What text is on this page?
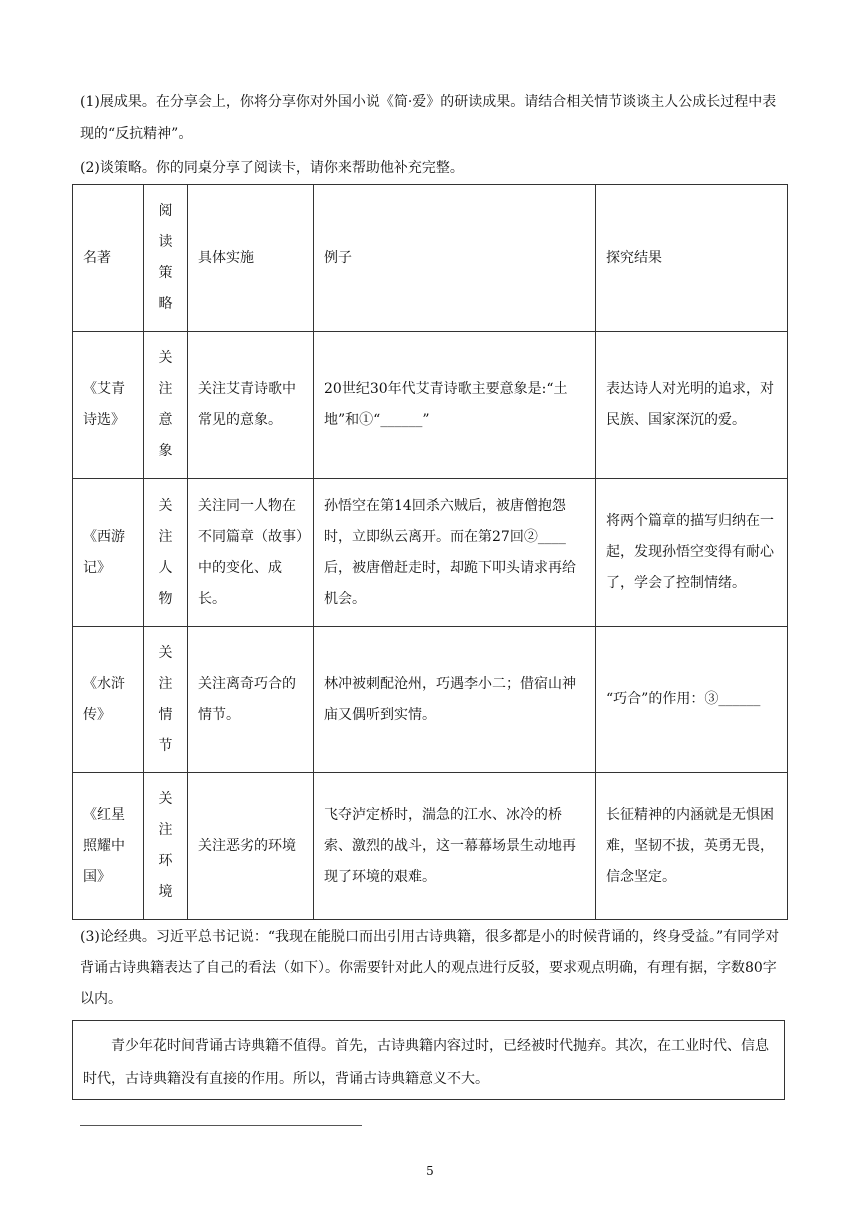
(1)展成果。在分享会上，你将分享你对外国小说《简·爱》的研读成果。请结合相关情节谈谈主人公成长过程中表现的“反抗精神”。
(2)谈策略。你的同桌分享了阅读卡，请你来帮助他补充完整。
名著	阅读策略	具体实施	例子	探究结果
《艾青诗选》	关注意象	关注艾青诗歌中常见的意象。	20世纪30年代艾青诗歌主要意象是:“土地”和①“______”	表达诗人对光明的追求，对民族、国家深沉的爱。
《西游记》	关注人物	关注同一人物在不同篇章（故事）中的变化、成长。	孙悟空在第14回杀六贼后，被唐僧抱怨时，立即纵云离开。而在第27回②____后，被唐僧赶走时，却跪下叩头请求再给机会。	将两个篇章的描写归纳在一起，发现孙悟空变得有耐心了，学会了控制情绪。
《水浒传》	关注情节	关注离奇巧合的情节。	林冲被刺配沧州，巧遇李小二；借宿山神庙又偶听到实情。	“巧合”的作用：③______
《红星照耀中国》	关注环境	关注恶劣的环境	飞夺泸定桥时，湍急的江水、冰冷的桥索、激烈的战斗，这一幕幕场景生动地再现了环境的艰难。	长征精神的内涵就是无惧困难，坚韧不拔，英勇无畏，信念坚定。
(3)论经典。习近平总书记说：“我现在能脱口而出引用古诗典籍，很多都是小的时候背诵的，终身受益。”有同学对背诵古诗典籍表达了自己的看法（如下）。你需要针对此人的观点进行反驳，要求观点明确，有理有据，字数80字以内。
青少年花时间背诵古诗典籍不值得。首先，古诗典籍内容过时，已经被时代抛弃。其次，在工业时代、信息时代，古诗典籍没有直接的作用。所以，背诵古诗典籍意义不大。
5
